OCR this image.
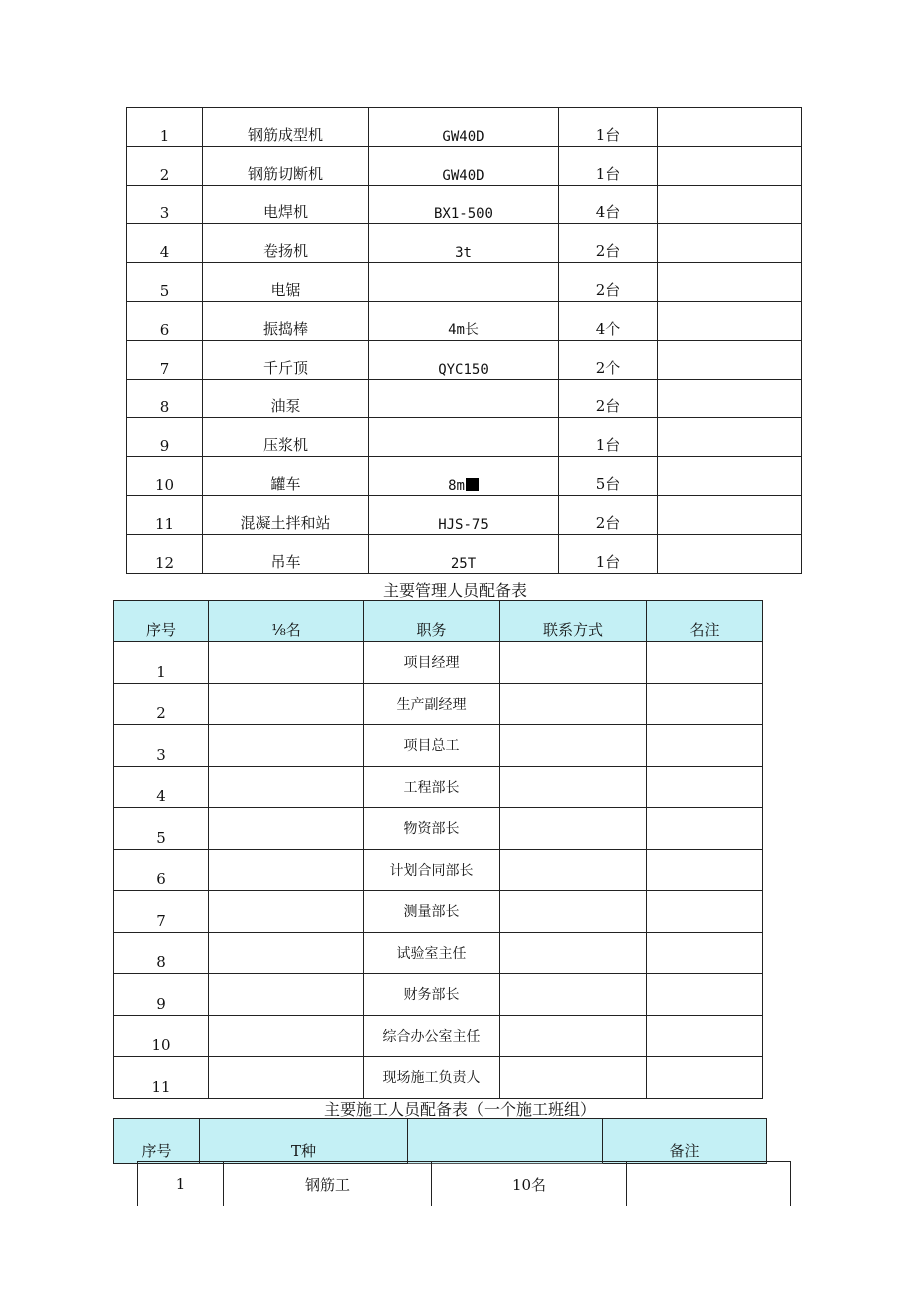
1	钢筋成型机	GW40D	1台	
2	钢筋切断机	GW40D	1台	
3	电焊机	BX1-500	4台	
4	卷扬机	3t	2台	
5	电锯		2台	
6	振捣棒	4m长	4个	
7	千斤顶	QYC150	2个	
8	油泵		2台	
9	压浆机		1台	
10	罐车	8m	5台	
11	混凝土拌和站	HJS-75	2台	
12	吊车	25T	1台	
主要管理人员配备表
序号	⅛名	职务	联系方式	名注
1		项目经理		
2		生产副经理		
3		项目总工		
4		工程部长		
5		物资部长		
6		计划合同部长		
7		测量部长		
8		试验室主任		
9		财务部长		
10		综合办公室主任		
11		现场施工负责人		
主要施工人员配备表（一个施工班组）
序号	T种		备注
1	钢筋工	10名	
